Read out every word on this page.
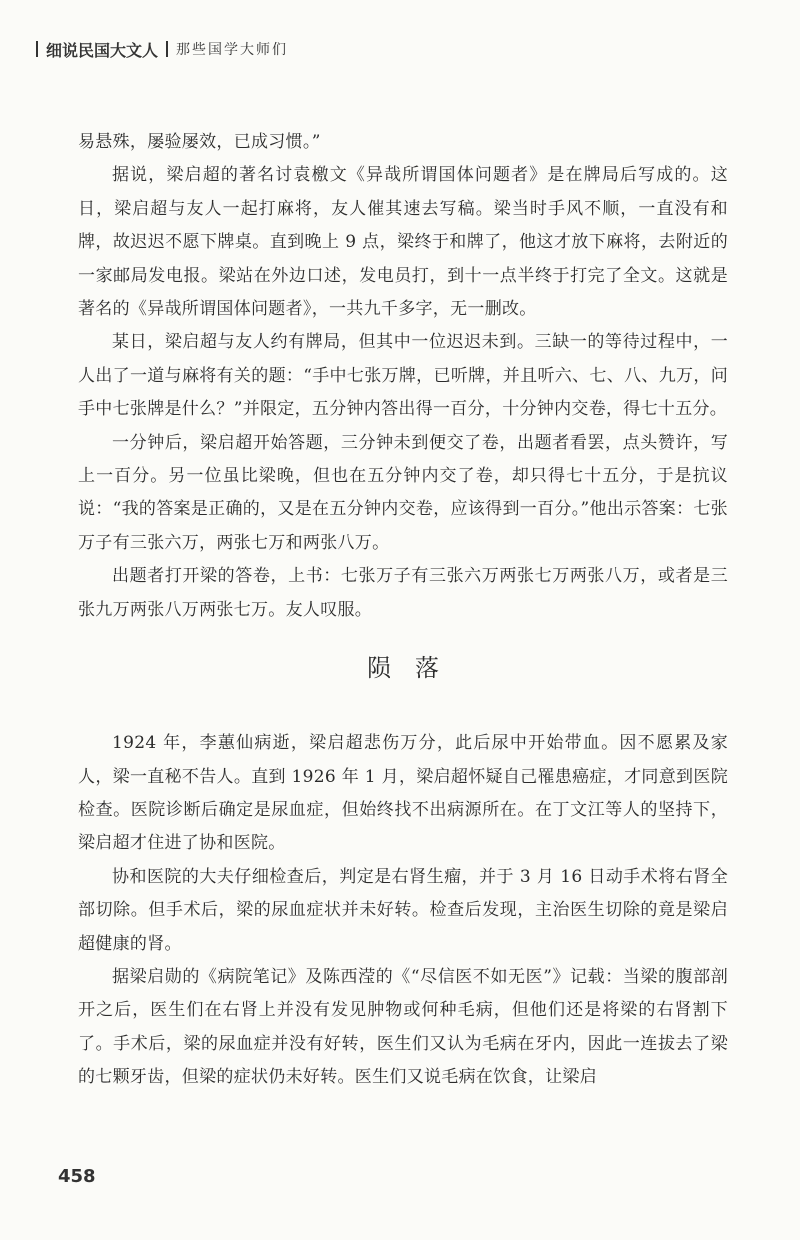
细说民国大文人 那些国学大师们

易悬殊，屡验屡效，已成习惯。”

据说，梁启超的著名讨袁檄文《异哉所谓国体问题者》是在牌局后写成的。这日，梁启超与友人一起打麻将，友人催其速去写稿。梁当时手风不顺，一直没有和牌，故迟迟不愿下牌桌。直到晚上 9 点，梁终于和牌了，他这才放下麻将，去附近的一家邮局发电报。梁站在外边口述，发电员打，到十一点半终于打完了全文。这就是著名的《异哉所谓国体问题者》，一共九千多字，无一删改。

某日，梁启超与友人约有牌局，但其中一位迟迟未到。三缺一的等待过程中，一人出了一道与麻将有关的题：“手中七张万牌，已听牌，并且听六、七、八、九万，问手中七张牌是什么？”并限定，五分钟内答出得一百分，十分钟内交卷，得七十五分。

一分钟后，梁启超开始答题，三分钟未到便交了卷，出题者看罢，点头赞许，写上一百分。另一位虽比梁晚，但也在五分钟内交了卷，却只得七十五分，于是抗议说：“我的答案是正确的，又是在五分钟内交卷，应该得到一百分。”他出示答案：七张万子有三张六万，两张七万和两张八万。

出题者打开梁的答卷，上书：七张万子有三张六万两张七万两张八万，或者是三张九万两张八万两张七万。友人叹服。

陨落

1924 年，李蕙仙病逝，梁启超悲伤万分，此后尿中开始带血。因不愿累及家人，梁一直秘不告人。直到 1926 年 1 月，梁启超怀疑自己罹患癌症，才同意到医院检查。医院诊断后确定是尿血症，但始终找不出病源所在。在丁文江等人的坚持下，梁启超才住进了协和医院。

协和医院的大夫仔细检查后，判定是右肾生瘤，并于 3 月 16 日动手术将右肾全部切除。但手术后，梁的尿血症状并未好转。检查后发现，主治医生切除的竟是梁启超健康的肾。

据梁启勋的《病院笔记》及陈西滢的《“尽信医不如无医”》记载：当梁的腹部剖开之后，医生们在右肾上并没有发见肿物或何种毛病，但他们还是将梁的右肾割下了。手术后，梁的尿血症并没有好转，医生们又认为毛病在牙内，因此一连拔去了梁的七颗牙齿，但梁的症状仍未好转。医生们又说毛病在饮食，让梁启

458
